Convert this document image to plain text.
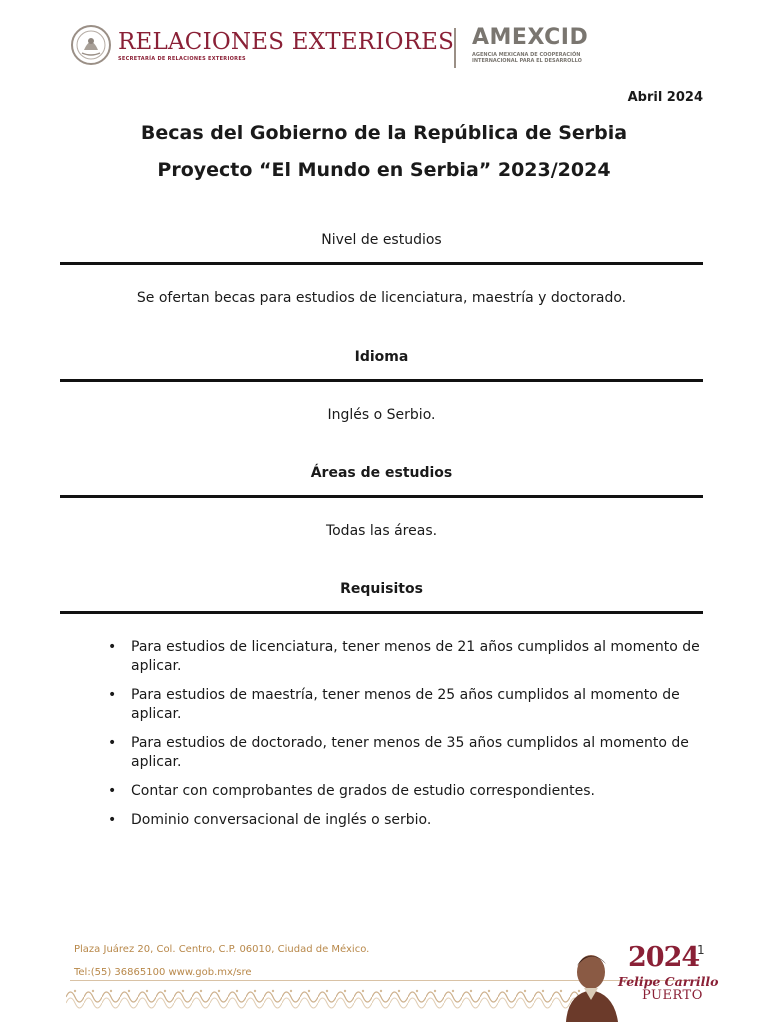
RELACIONES EXTERIORES
SECRETARÍA DE RELACIONES EXTERIORES
AMEXCID
AGENCIA MEXICANA DE COOPERACIÓN INTERNACIONAL PARA EL DESARROLLO
Abril 2024
Becas del Gobierno de la República de Serbia
Proyecto “El Mundo en Serbia” 2023/2024
Nivel de estudios
Se ofertan becas para estudios de licenciatura, maestría y doctorado.
Idioma
Inglés o Serbio.
Áreas de estudios
Todas las áreas.
Requisitos
• Para estudios de licenciatura, tener menos de 21 años cumplidos al momento de aplicar.
• Para estudios de maestría, tener menos de 25 años cumplidos al momento de aplicar.
• Para estudios de doctorado, tener menos de 35 años cumplidos al momento de aplicar.
• Contar con comprobantes de grados de estudio correspondientes.
• Dominio conversacional de inglés o serbio.
Plaza Juárez 20, Col. Centro, C.P. 06010, Ciudad de México.
Tel:(55) 36865100 www.gob.mx/sre
1
2024
Felipe Carrillo
PUERTO
